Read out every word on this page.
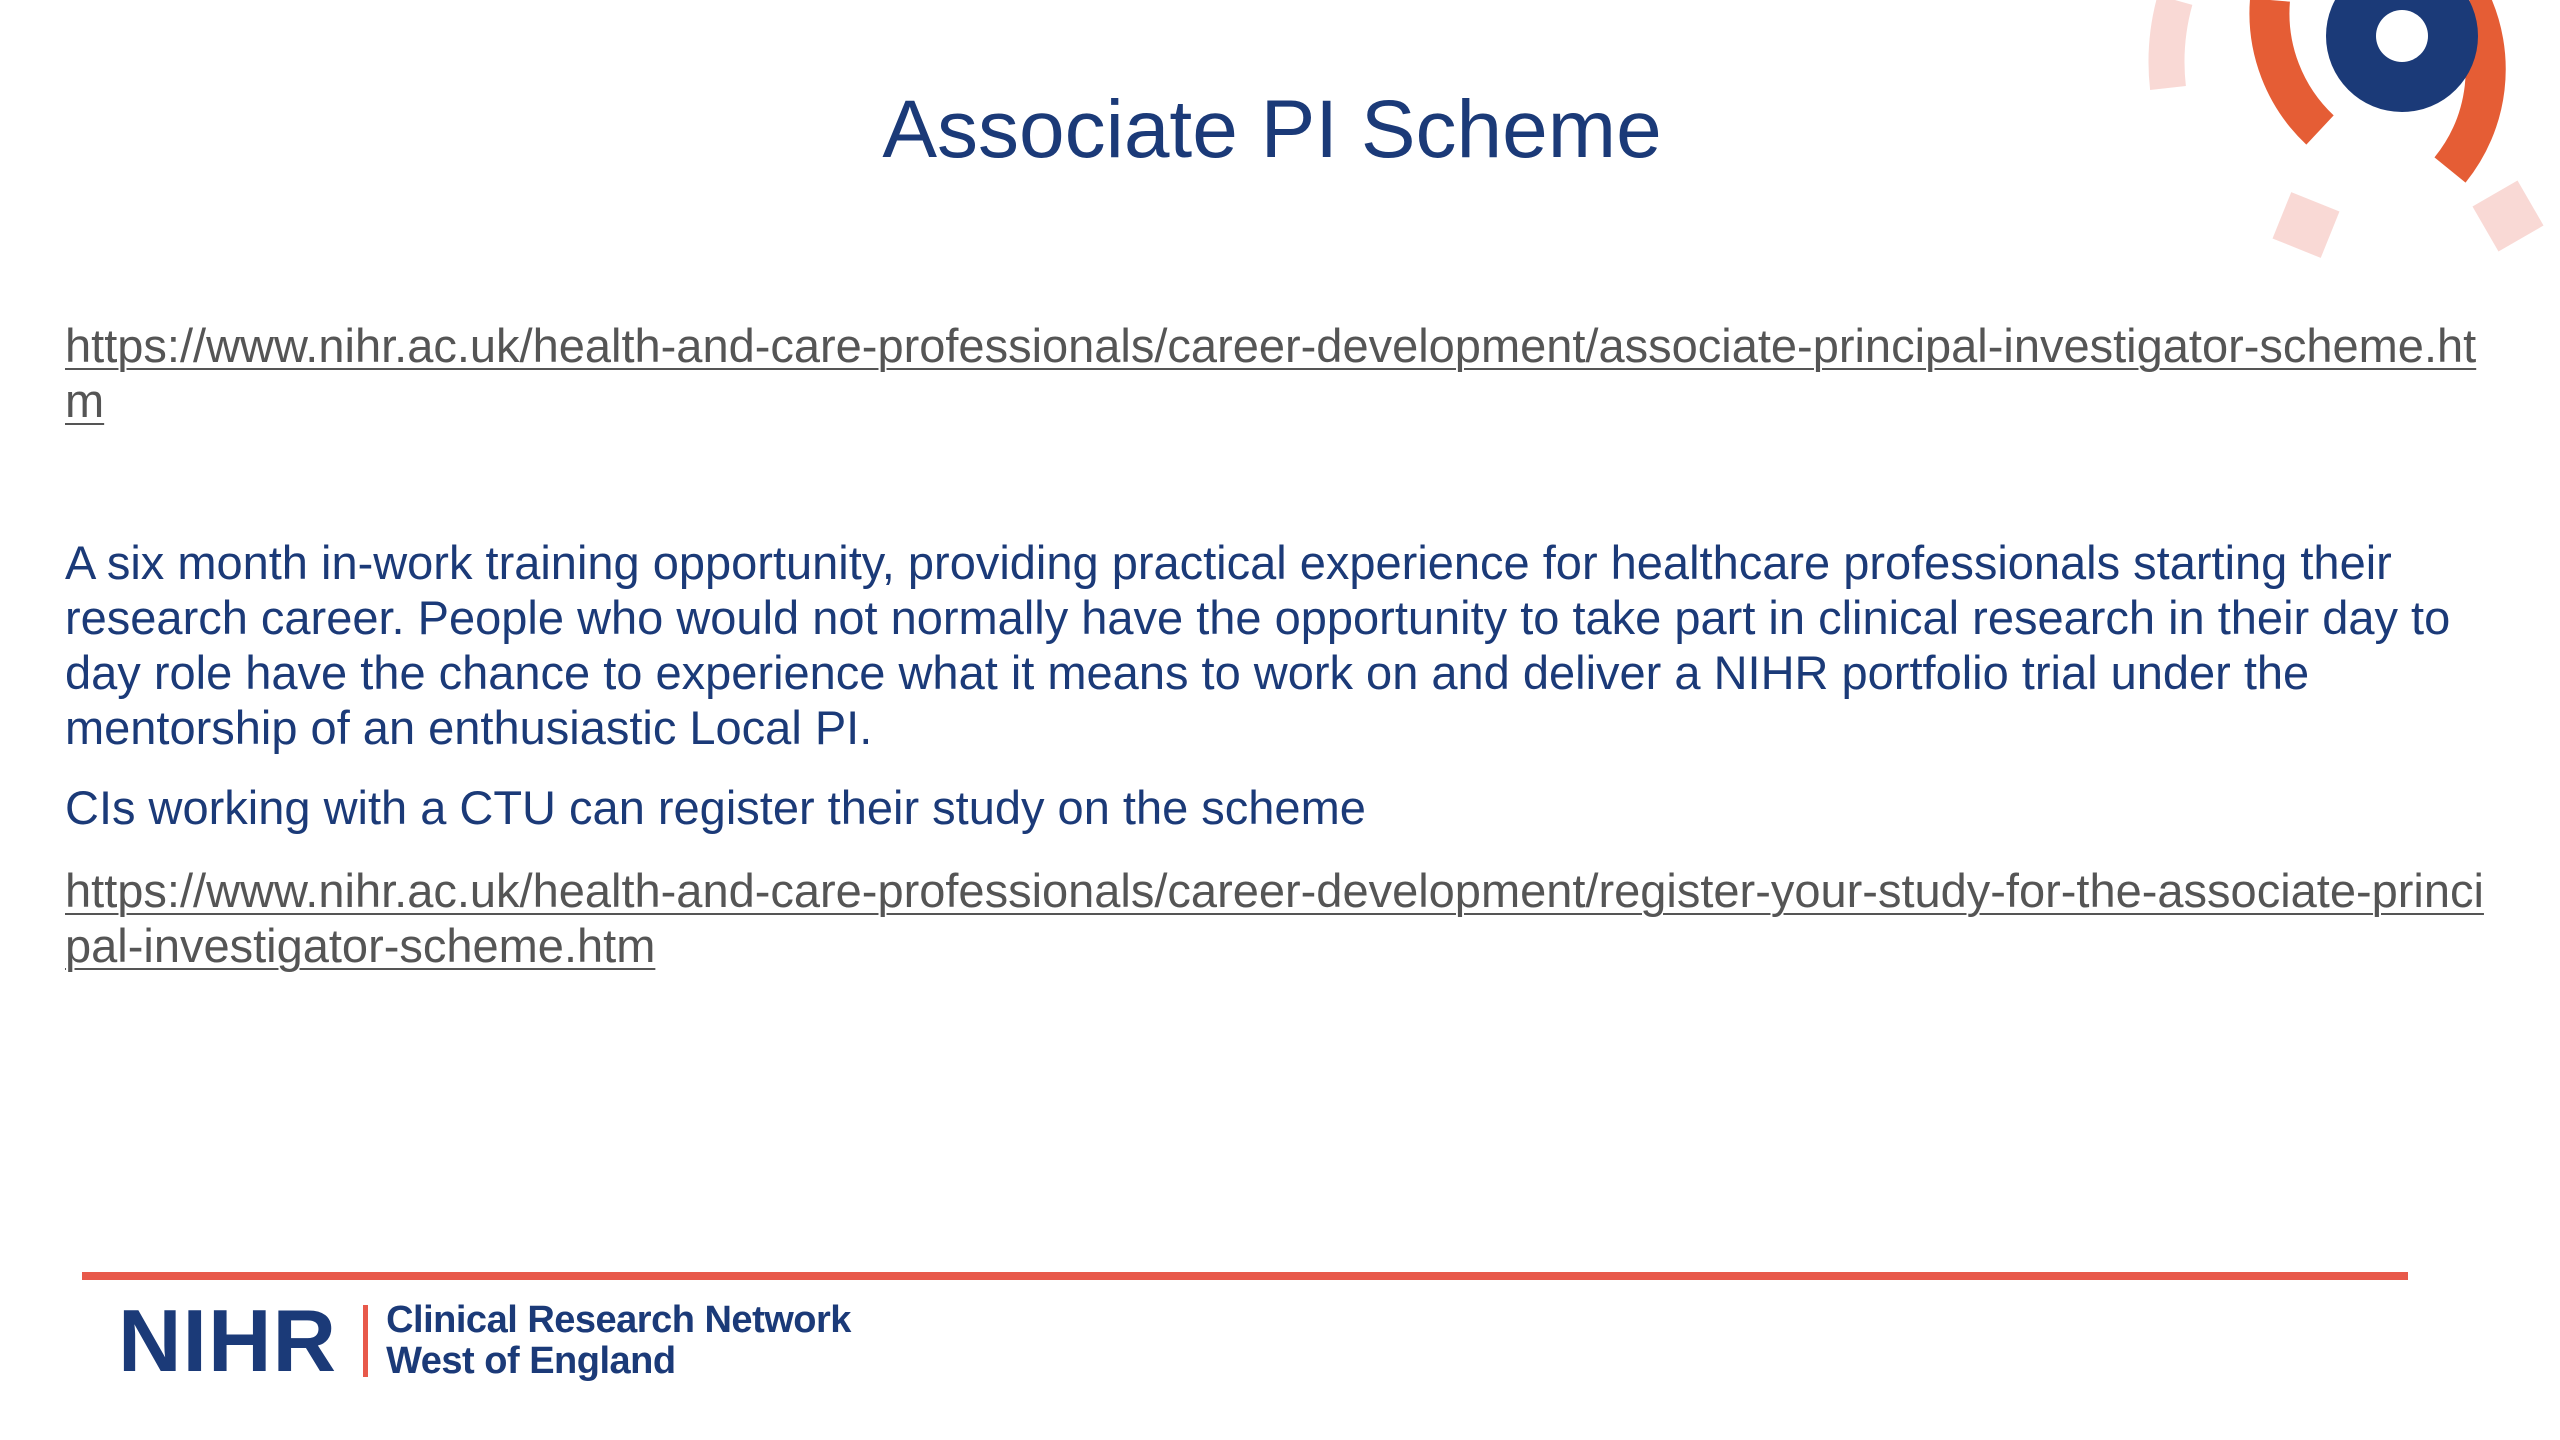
Associate PI Scheme

https://www.nihr.ac.uk/health-and-care-professionals/career-development/associate-principal-investigator-scheme.htm

A six month in-work training opportunity, providing practical experience for healthcare professionals starting their research career. People who would not normally have the opportunity to take part in clinical research in their day to day role have the chance to experience what it means to work on and deliver a NIHR portfolio trial under the mentorship of an enthusiastic Local PI.

CIs working with a CTU can register their study on the scheme

https://www.nihr.ac.uk/health-and-care-professionals/career-development/register-your-study-for-the-associate-principal-investigator-scheme.htm

NIHR Clinical Research Network
West of England
